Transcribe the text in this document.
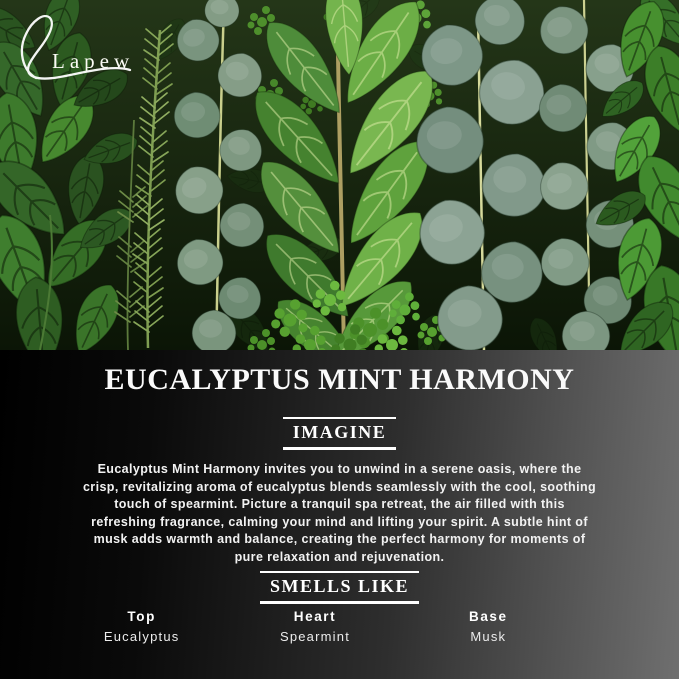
Lapew
EUCALYPTUS MINT HARMONY
IMAGINE
Eucalyptus Mint Harmony invites you to unwind in a serene oasis, where the
crisp, revitalizing aroma of eucalyptus blends seamlessly with the cool, soothing
touch of spearmint. Picture a tranquil spa retreat, the air filled with this
refreshing fragrance, calming your mind and lifting your spirit. A subtle hint of
musk adds warmth and balance, creating the perfect harmony for moments of
pure relaxation and rejuvenation.
SMELLS LIKE
Top
Eucalyptus
Heart
Spearmint
Base
Musk
